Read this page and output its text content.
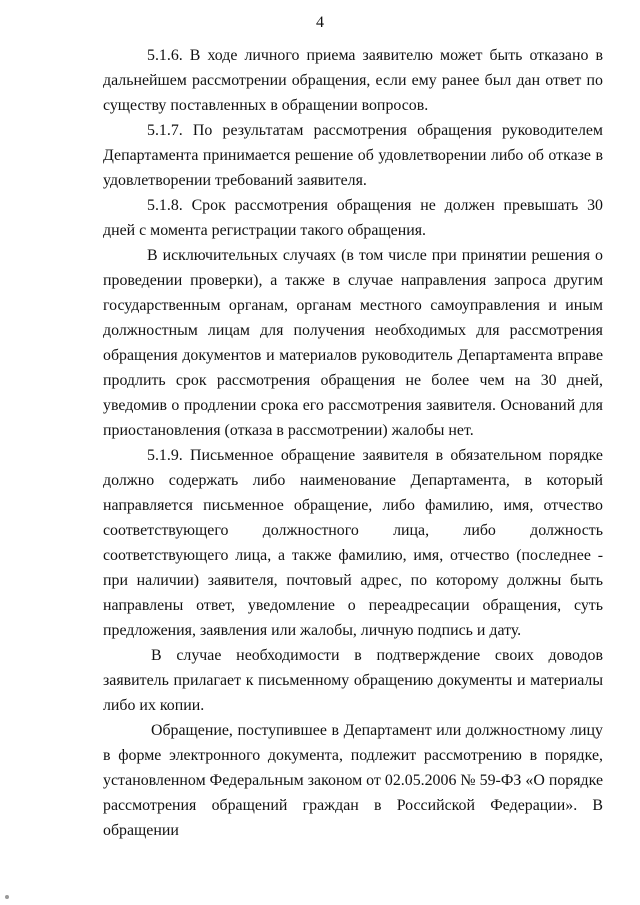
4

5.1.6. В ходе личного приема заявителю может быть отказано в дальнейшем рассмотрении обращения, если ему ранее был дан ответ по существу поставленных в обращении вопросов.

5.1.7. По результатам рассмотрения обращения руководителем Департамента принимается решение об удовлетворении либо об отказе в удовлетворении требований заявителя.

5.1.8. Срок рассмотрения обращения не должен превышать 30 дней с момента регистрации такого обращения.

В исключительных случаях (в том числе при принятии решения о проведении проверки), а также в случае направления запроса другим государственным органам, органам местного самоуправления и иным должностным лицам для получения необходимых для рассмотрения обращения документов и материалов руководитель Департамента вправе продлить срок рассмотрения обращения не более чем на 30 дней, уведомив о продлении срока его рассмотрения заявителя. Оснований для приостановления (отказа в рассмотрении) жалобы нет.

5.1.9. Письменное обращение заявителя в обязательном порядке должно содержать либо наименование Департамента, в который направляется письменное обращение, либо фамилию, имя, отчество соответствующего должностного лица, либо должность соответствующего лица, а также фамилию, имя, отчество (последнее - при наличии) заявителя, почтовый адрес, по которому должны быть направлены ответ, уведомление о переадресации обращения, суть предложения, заявления или жалобы, личную подпись и дату.

В случае необходимости в подтверждение своих доводов заявитель прилагает к письменному обращению документы и материалы либо их копии.

Обращение, поступившее в Департамент или должностному лицу в форме электронного документа, подлежит рассмотрению в порядке, установленном Федеральным законом от 02.05.2006 № 59-ФЗ «О порядке рассмотрения обращений граждан в Российской Федерации». В обращении
